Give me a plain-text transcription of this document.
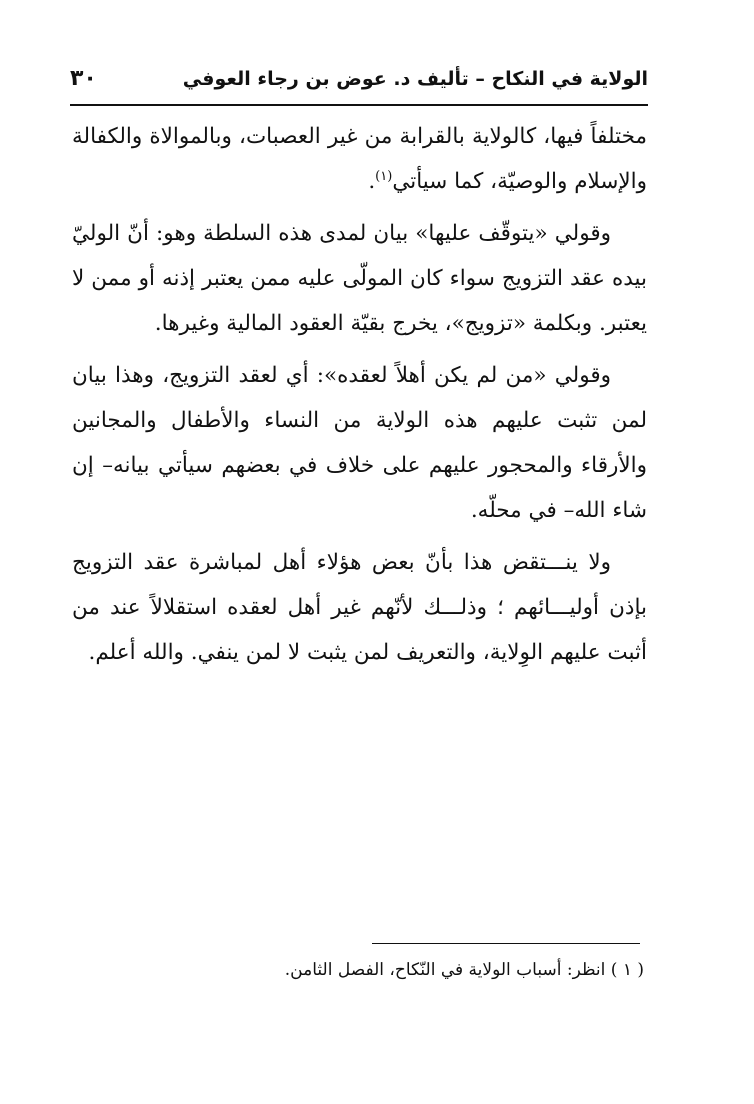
الولاية في النكاح – تأليف د. عوض بن رجاء العوفي
٣٠

مختلفاً فيها، كالولاية بالقرابة من غير العصبات، وبالموالاة والكفالة والإسلام والوصيّة، كما سيأتي$^{(١)}$.

وقولي «يتوقّف عليها» بيان لمدى هذه السلطة وهو: أنّ الوليّ بيده عقد التزويج سواء كان المولّى عليه ممن يعتبر إذنه أو ممن لا يعتبر. وبكلمة «تزويج»، يخرج بقيّة العقود المالية وغيرها.

وقولي «من لم يكن أهلاً لعقده»: أي لعقد التزويج، وهذا بيان لمن تثبت عليهم هذه الولاية من النساء والأطفال والمجانين والأرقاء والمحجور عليهم على خلاف في بعضهم سيأتي بيانه– إن شاء الله– في محلّه.

ولا ينـــتقض هذا بأنّ بعض هؤلاء أهل لمباشرة عقد التزويج بإذن أوليـــائهم ؛ وذلـــك لأنّهم غير أهل لعقده استقلالاً عند من أثبت عليهم الوِلاية، والتعريف لمن يثبت لا لمن ينفي. والله أعلم.

( ١ ) انظر: أسباب الولاية في النّكاح، الفصل الثامن.
